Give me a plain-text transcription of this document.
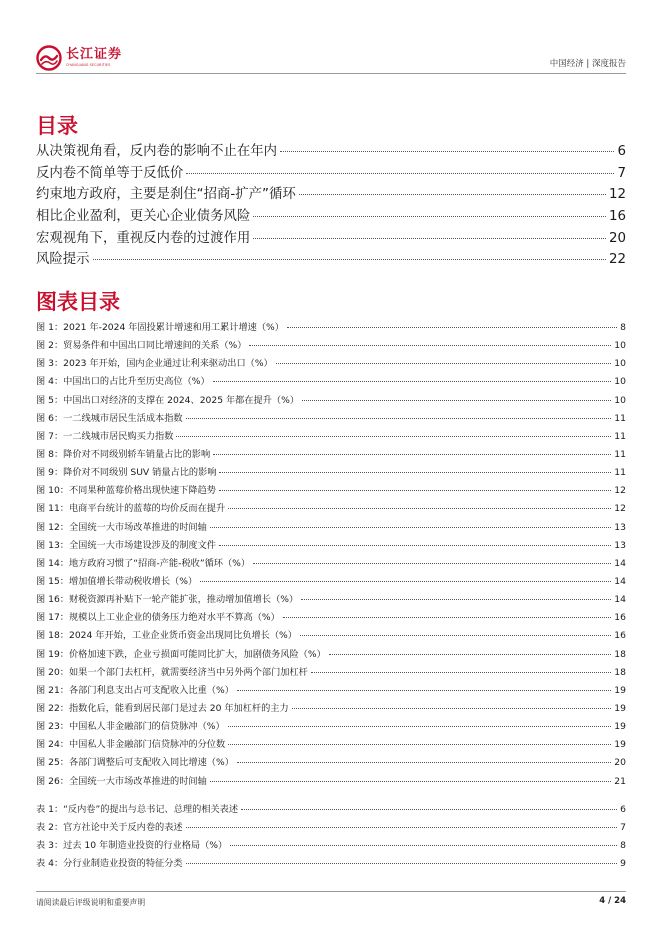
长江证券
CHANGJIANG SECURITIES	中国经济 | 深度报告
目录
从决策视角看，反内卷的影响不止在年内	6
反内卷不简单等于反低价	7
约束地方政府，主要是刹住“招商-扩产”循环	12
相比企业盈利，更关心企业债务风险	16
宏观视角下，重视反内卷的过渡作用	20
风险提示	22
图表目录
图 1：2021 年-2024 年固投累计增速和用工累计增速（%）	8
图 2：贸易条件和中国出口同比增速间的关系（%）	10
图 3：2023 年开始，国内企业通过让利来驱动出口（%）	10
图 4：中国出口的占比升至历史高位（%）	10
图 5：中国出口对经济的支撑在 2024、2025 年都在提升（%）	10
图 6：一二线城市居民生活成本指数	11
图 7：一二线城市居民购买力指数	11
图 8：降价对不同级别轿车销量占比的影响	11
图 9：降价对不同级别 SUV 销量占比的影响	11
图 10：不同果种蓝莓价格出现快速下降趋势	12
图 11：电商平台统计的蓝莓的均价反而在提升	12
图 12：全国统一大市场改革推进的时间轴	13
图 13：全国统一大市场建设涉及的制度文件	13
图 14：地方政府习惯了“招商-产能-税收”循环（%）	14
图 15：增加值增长带动税收增长（%）	14
图 16：财税资源再补贴下一轮产能扩张，推动增加值增长（%）	14
图 17：规模以上工业企业的债务压力绝对水平不算高（%）	16
图 18：2024 年开始，工业企业货币资金出现同比负增长（%）	16
图 19：价格加速下跌，企业亏损面可能同比扩大，加剧债务风险（%）	18
图 20：如果一个部门去杠杆，就需要经济当中另外两个部门加杠杆	18
图 21：各部门利息支出占可支配收入比重（%）	19
图 22：指数化后，能看到居民部门是过去 20 年加杠杆的主力	19
图 23：中国私人非金融部门的信贷脉冲（%）	19
图 24：中国私人非金融部门信贷脉冲的分位数	19
图 25：各部门调整后可支配收入同比增速（%）	20
图 26：全国统一大市场改革推进的时间轴	21
表 1：“反内卷”的提出与总书记、总理的相关表述	6
表 2：官方社论中关于反内卷的表述	7
表 3：过去 10 年制造业投资的行业格局（%）	8
表 4：分行业制造业投资的特征分类	9
请阅读最后评级说明和重要声明	4 / 24
